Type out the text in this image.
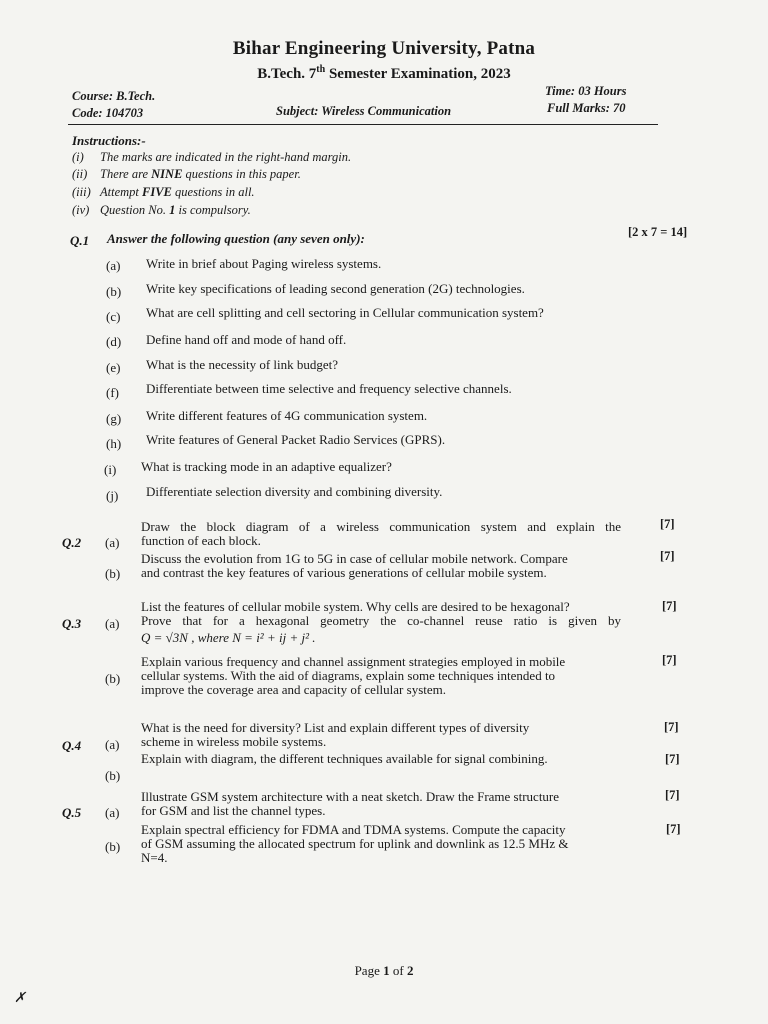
Bihar Engineering University, Patna
B.Tech. 7th Semester Examination, 2023
Course: B.Tech.
Code: 104703	Subject: Wireless Communication
Time: 03 Hours
Full Marks: 70
Instructions:-
(i) The marks are indicated in the right-hand margin.
(ii) There are NINE questions in this paper.
(iii) Attempt FIVE questions in all.
(iv) Question No. 1 is compulsory.
Q.1 Answer the following question (any seven only):	[2 x 7 = 14]
(a) Write in brief about Paging wireless systems.
(b) Write key specifications of leading second generation (2G) technologies.
(c) What are cell splitting and cell sectoring in Cellular communication system?
(d) Define hand off and mode of hand off.
(e) What is the necessity of link budget?
(f) Differentiate between time selective and frequency selective channels.
(g) Write different features of 4G communication system.
(h) Write features of General Packet Radio Services (GPRS).
(i) What is tracking mode in an adaptive equalizer?
(j) Differentiate selection diversity and combining diversity.
Q.2 (a)
Draw the block diagram of a wireless communication system and explain the
function of each block.
[7]
(b)
Discuss the evolution from 1G to 5G in case of cellular mobile network. Compare
and contrast the key features of various generations of cellular mobile system.
[7]
Q.3 (a)
List the features of cellular mobile system. Why cells are desired to be hexagonal?
Prove that for a hexagonal geometry the co-channel reuse ratio is given by
Q = √3N , where N = i² + ij + j² .
[7]
(b)
Explain various frequency and channel assignment strategies employed in mobile
cellular systems. With the aid of diagrams, explain some techniques intended to
improve the coverage area and capacity of cellular system.
[7]
Q.4 (a)
What is the need for diversity? List and explain different types of diversity
scheme in wireless mobile systems.
[7]
(b)
Explain with diagram, the different techniques available for signal combining.	[7]
Q.5 (a)
Illustrate GSM system architecture with a neat sketch. Draw the Frame structure
for GSM and list the channel types.
[7]
(b)
Explain spectral efficiency for FDMA and TDMA systems. Compute the capacity
of GSM assuming the allocated spectrum for uplink and downlink as 12.5 MHz &
N=4.
[7]
Page 1 of 2
✗
